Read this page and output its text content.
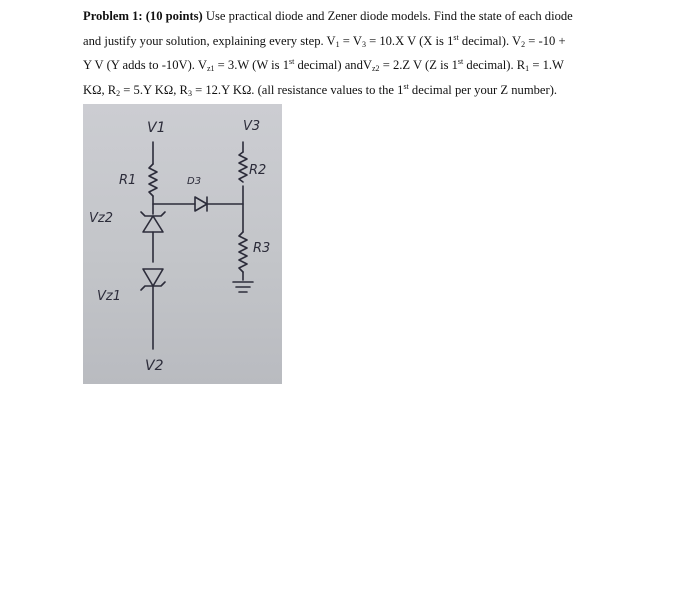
Problem 1: (10 points) Use practical diode and Zener diode models. Find the state of each diode
and justify your solution, explaining every step. $V_1 = V_3 = 10.X$ V (X is 1st decimal). $V_2 = -10$ +
Y V (Y adds to -10V). $V_{z1} = 3.W$ (W is 1st decimal) andV$_{z2}$ = 2.Z V (Z is 1st decimal). $R_1 = 1.W$
KΩ, $R_2 = 5.Y$ KΩ, $R_3 = 12.Y$ KΩ. (all resistance values to the 1st decimal per your Z number).
V1	V3
R1
R2
R3
D3
Vz2
Vz1
V2
